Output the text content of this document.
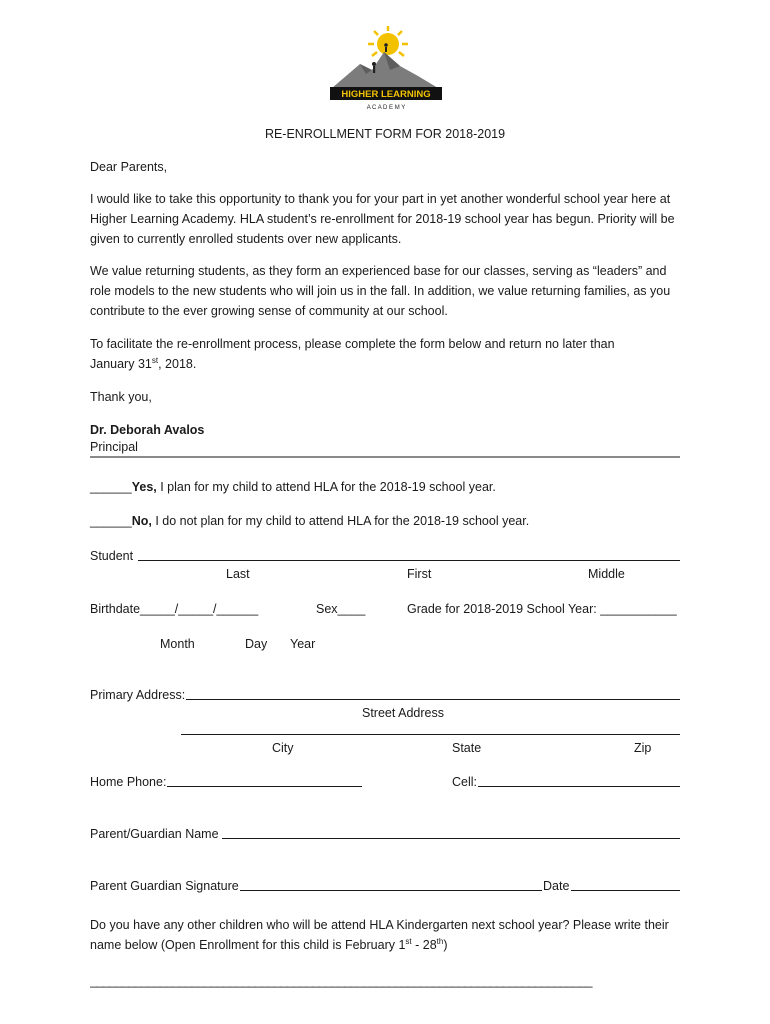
HIGHER LEARNING
A C A D E M Y
RE-ENROLLMENT FORM FOR 2018-2019
Dear Parents,

I would like to take this opportunity to thank you for your part in yet another wonderful school year here at Higher Learning Academy. HLA student’s re-enrollment for 2018-19 school year has begun. Priority will be given to currently enrolled students over new applicants.

We value returning students, as they form an experienced base for our classes, serving as “leaders” and role models to the new students who will join us in the fall. In addition, we value returning families, as you contribute to the ever growing sense of community at our school.

To facilitate the re-enrollment process, please complete the form below and return no later than January 31st, 2018.

Thank you,
Dr. Deborah Avalos
Principal
______Yes, I plan for my child to attend HLA for the 2018-19 school year.
______No, I do not plan for my child to attend HLA for the 2018-19 school year.
Student
Last	First	Middle
Birthdate_____/_____/______	Sex____	Grade for 2018-2019 School Year: ___________
Month	Day Year
Primary Address:
Street Address
City	State	Zip
Home Phone:	Cell:
Parent/Guardian Name
Parent Guardian Signature	Date

Do you have any other children who will be attend HLA Kindergarten next school year? Please write their name below (Open Enrollment for this child is February 1st - 28th)

_______________________________________________________________________________
